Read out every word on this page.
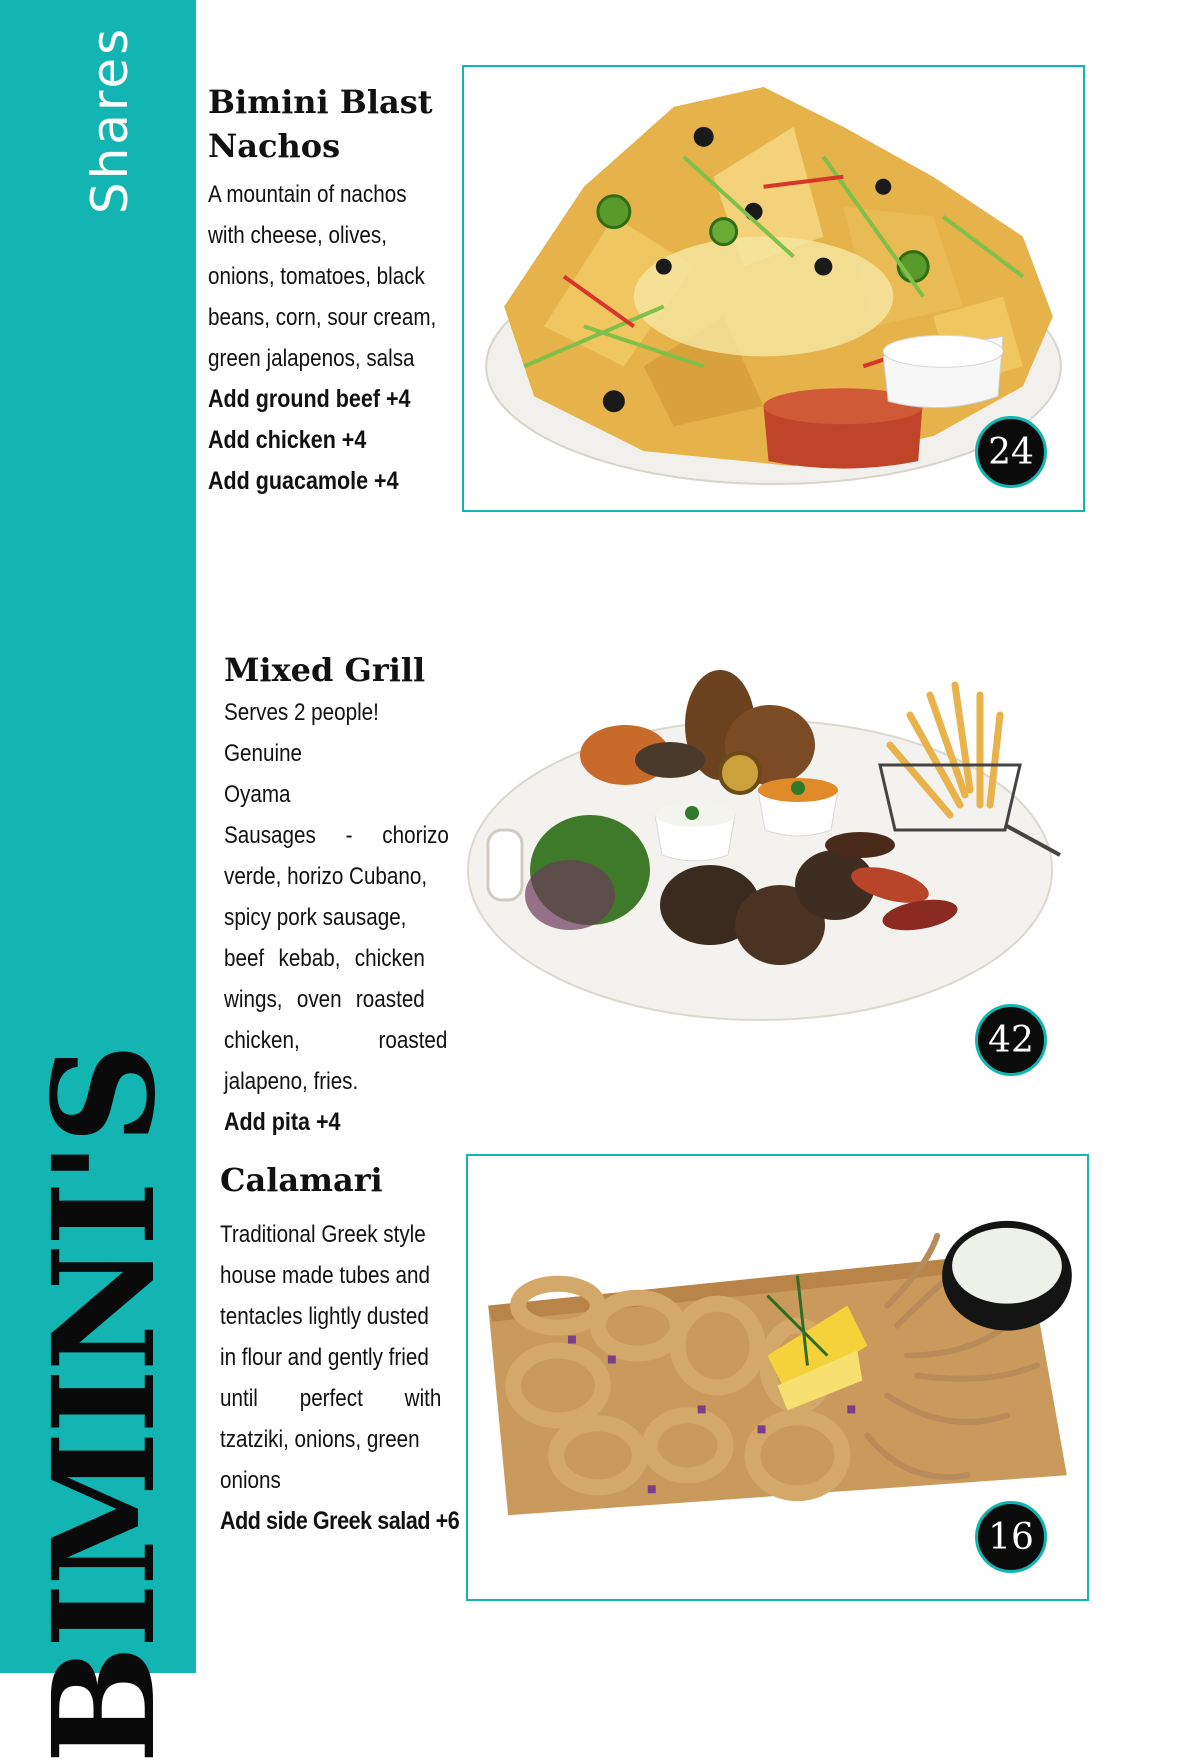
Shares
BIMINI'S
Bimini Blast
Nachos
A mountain of nachos
with cheese, olives,
onions, tomatoes, black
beans, corn, sour cream,
green jalapenos, salsa
Add ground beef +4
Add chicken +4
Add guacamole +4
24
Mixed Grill
Serves 2 people!
Genuine Oyama
Sausages - chorizo
verde, horizo Cubano,
spicy pork sausage,
beef kebab, chicken
wings, oven roasted
chicken, roasted
jalapeno, fries.
Add pita +4
42
Calamari
Traditional Greek style
house made tubes and
tentacles lightly dusted
in flour and gently fried
until perfect with
tzatziki, onions, green
onions
Add side Greek salad +6	16
